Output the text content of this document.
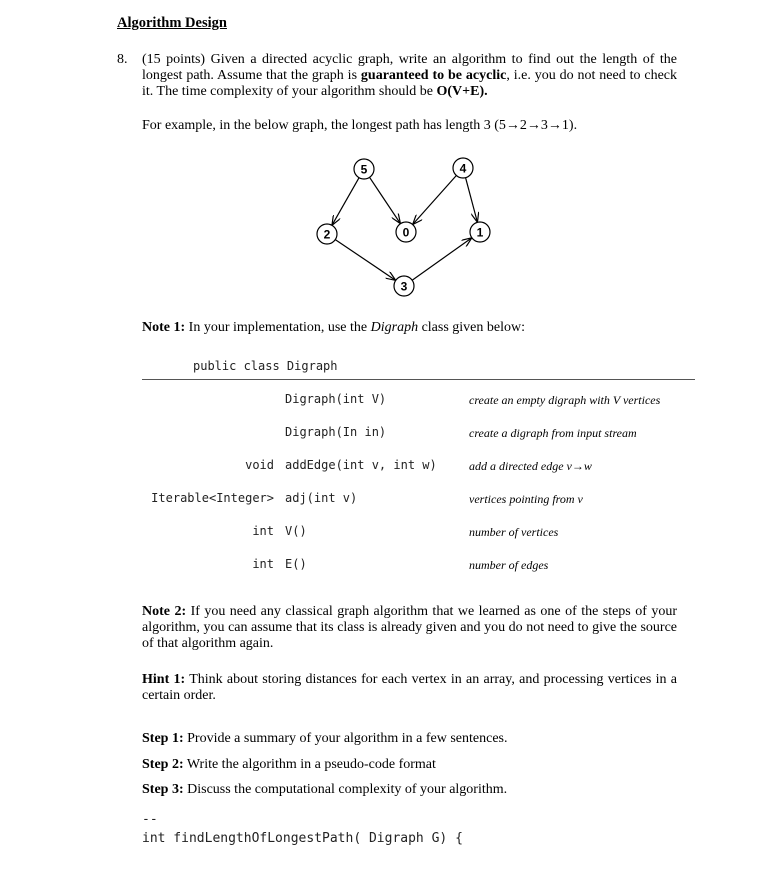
Algorithm Design
8. (15 points) Given a directed acyclic graph, write an algorithm to find out the length of the longest path. Assume that the graph is guaranteed to be acyclic, i.e. you do not need to check it. The time complexity of your algorithm should be O(V+E).
For example, in the below graph, the longest path has length 3 (5→2→3→1).
5	4
2	0	1
3
Note 1: In your implementation, use the Digraph class given below:
public class Digraph
Digraph(int V)	create an empty digraph with V vertices
Digraph(In in)	create a digraph from input stream
void addEdge(int v, int w)	add a directed edge v→w
Iterable<Integer> adj(int v)	vertices pointing from v
int V()	number of vertices
int E()	number of edges
Note 2: If you need any classical graph algorithm that we learned as one of the steps of your algorithm, you can assume that its class is already given and you do not need to give the source of that algorithm again.
Hint 1: Think about storing distances for each vertex in an array, and processing vertices in a certain order.
Step 1: Provide a summary of your algorithm in a few sentences.
Step 2: Write the algorithm in a pseudo-code format
Step 3: Discuss the computational complexity of your algorithm.
--
int findLengthOfLongestPath( Digraph G) {
